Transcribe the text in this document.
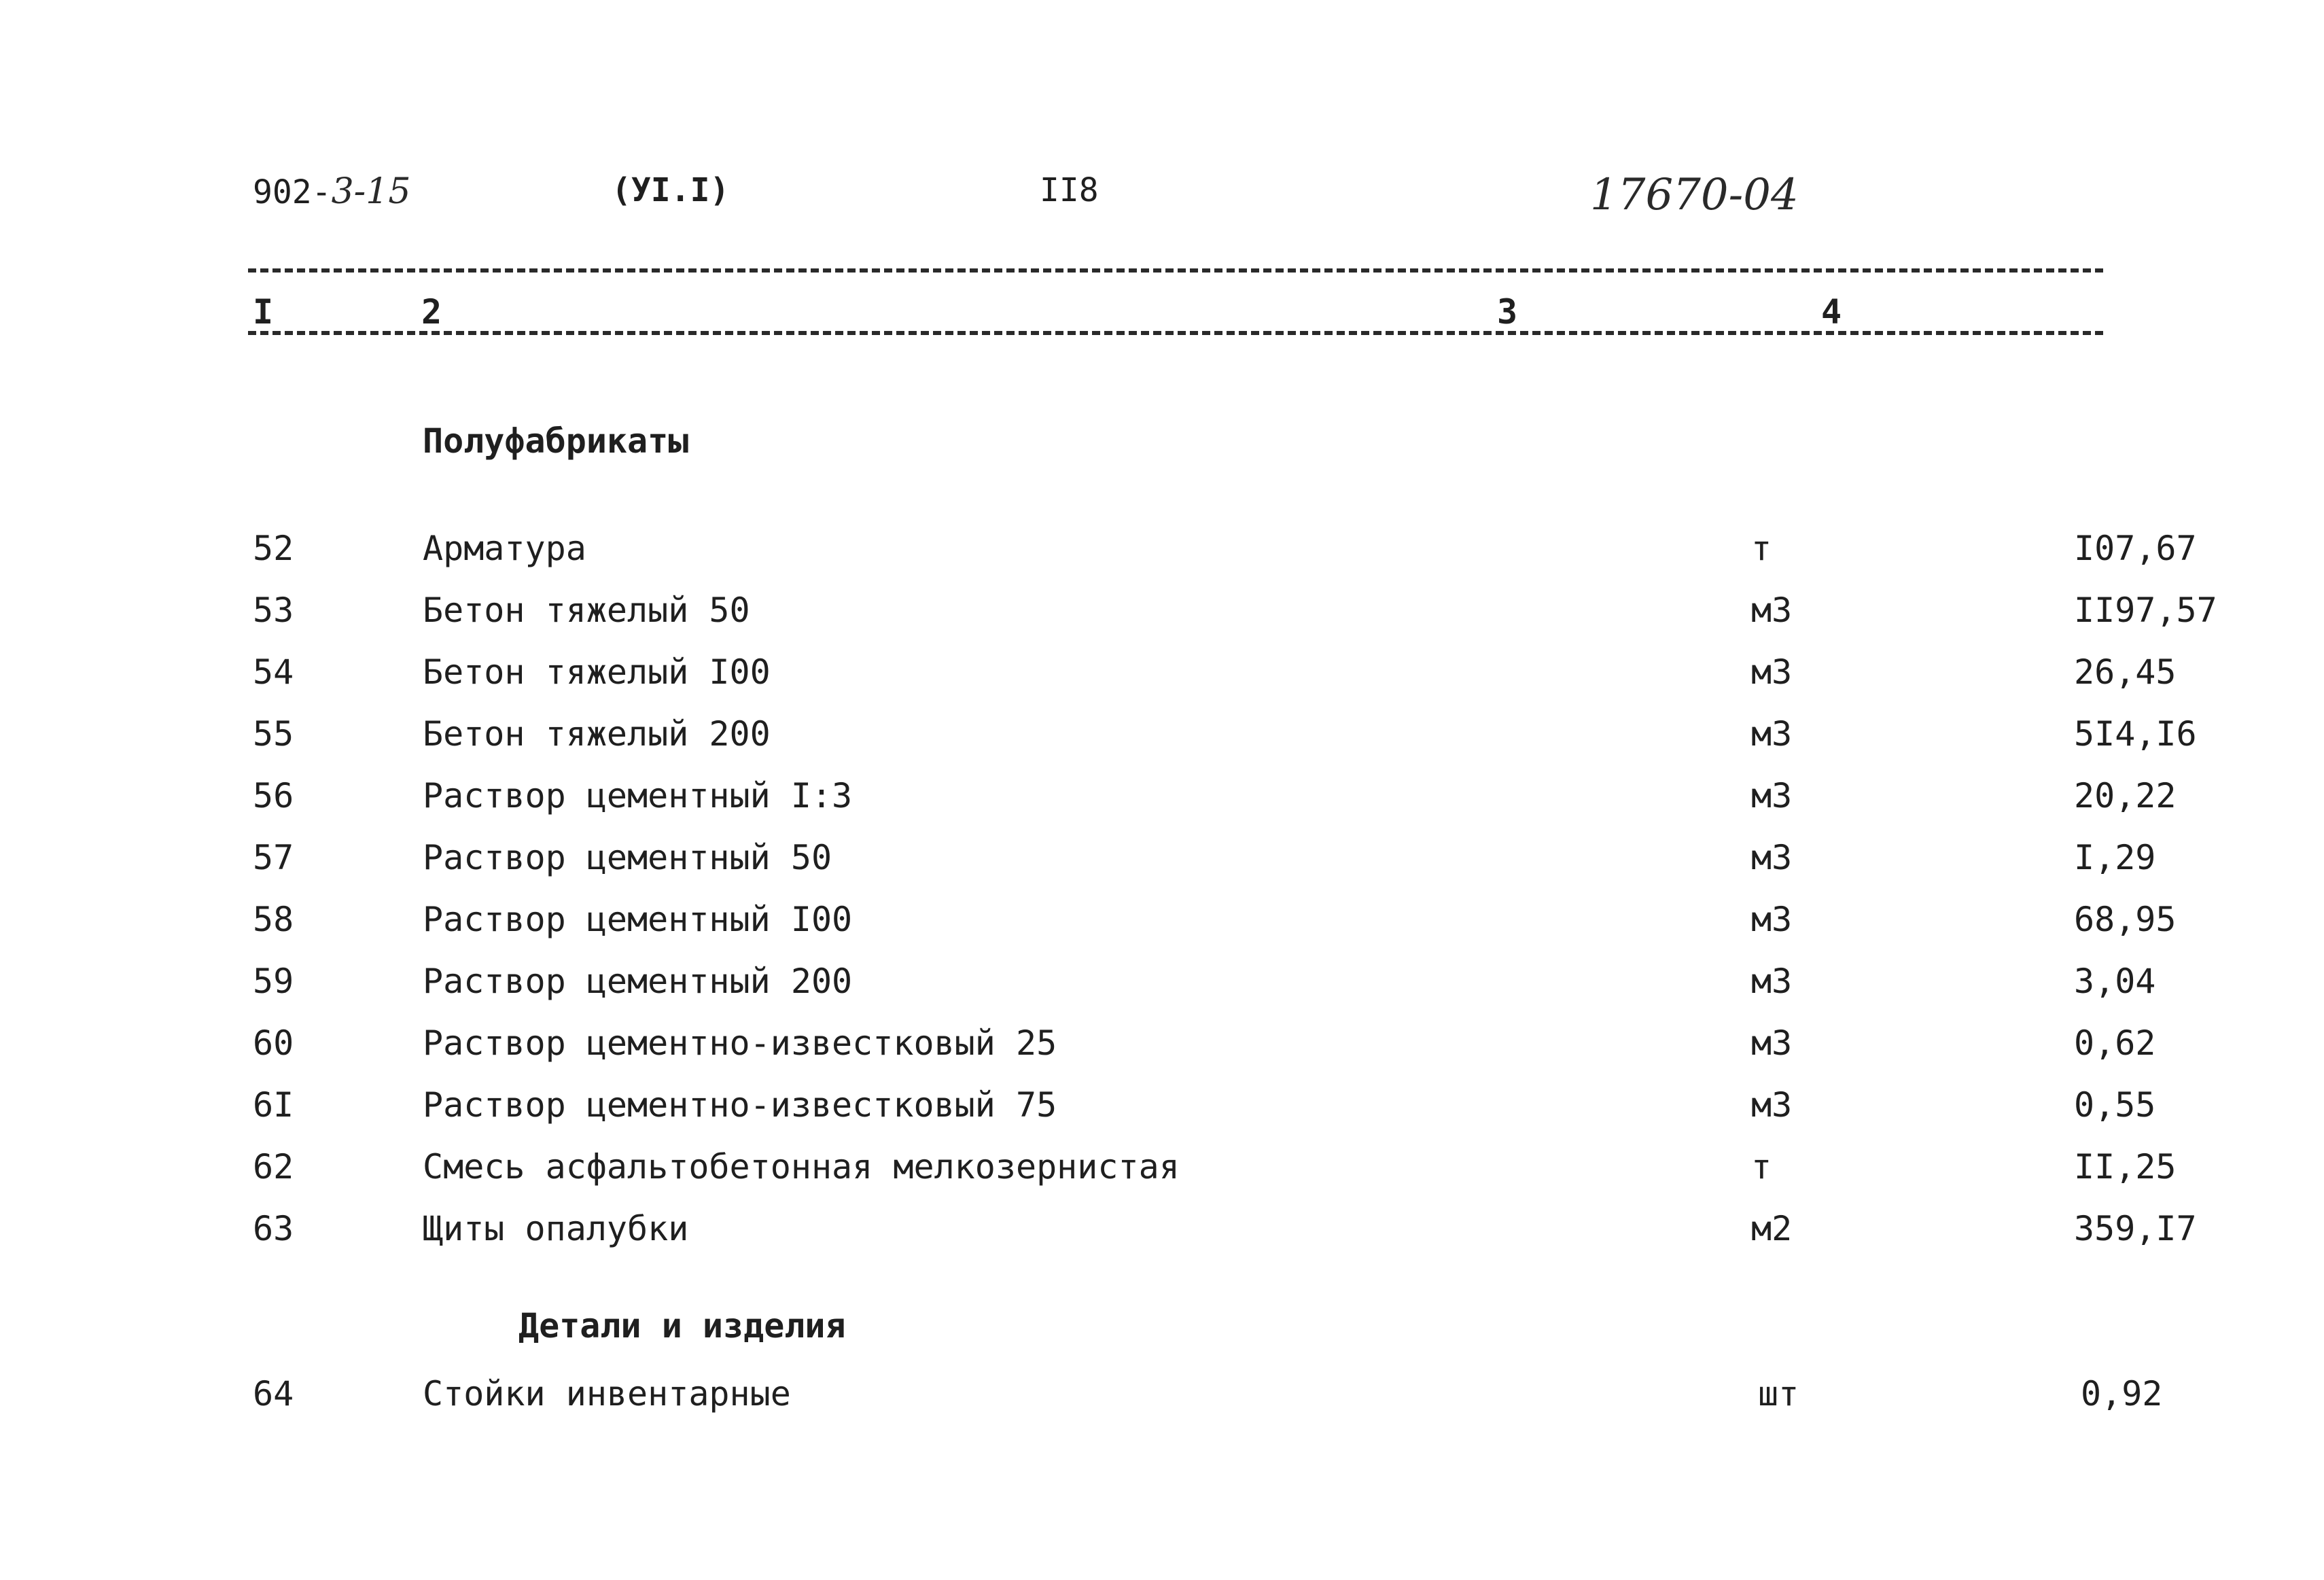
902-3-15	(УI.I)	II8	17670-04
I	2	3	4
Полуфабрикаты
52	Арматура	т	I07,67
53	Бетон тяжелый 50	м3	II97,57
54	Бетон тяжелый I00	м3	26,45
55	Бетон тяжелый 200	м3	5I4,I6
56	Раствор цементный I:3	м3	20,22
57	Раствор цементный 50	м3	I,29
58	Раствор цементный I00	м3	68,95
59	Раствор цементный 200	м3	3,04
60	Раствор цементно-известковый 25	м3	0,62
6I	Раствор цементно-известковый 75	м3	0,55
62	Смесь асфальтобетонная мелкозернистая	т	II,25
63	Щиты опалубки	м2	359,I7
Детали и изделия
64	Стойки инвентарные	шт	0,92
